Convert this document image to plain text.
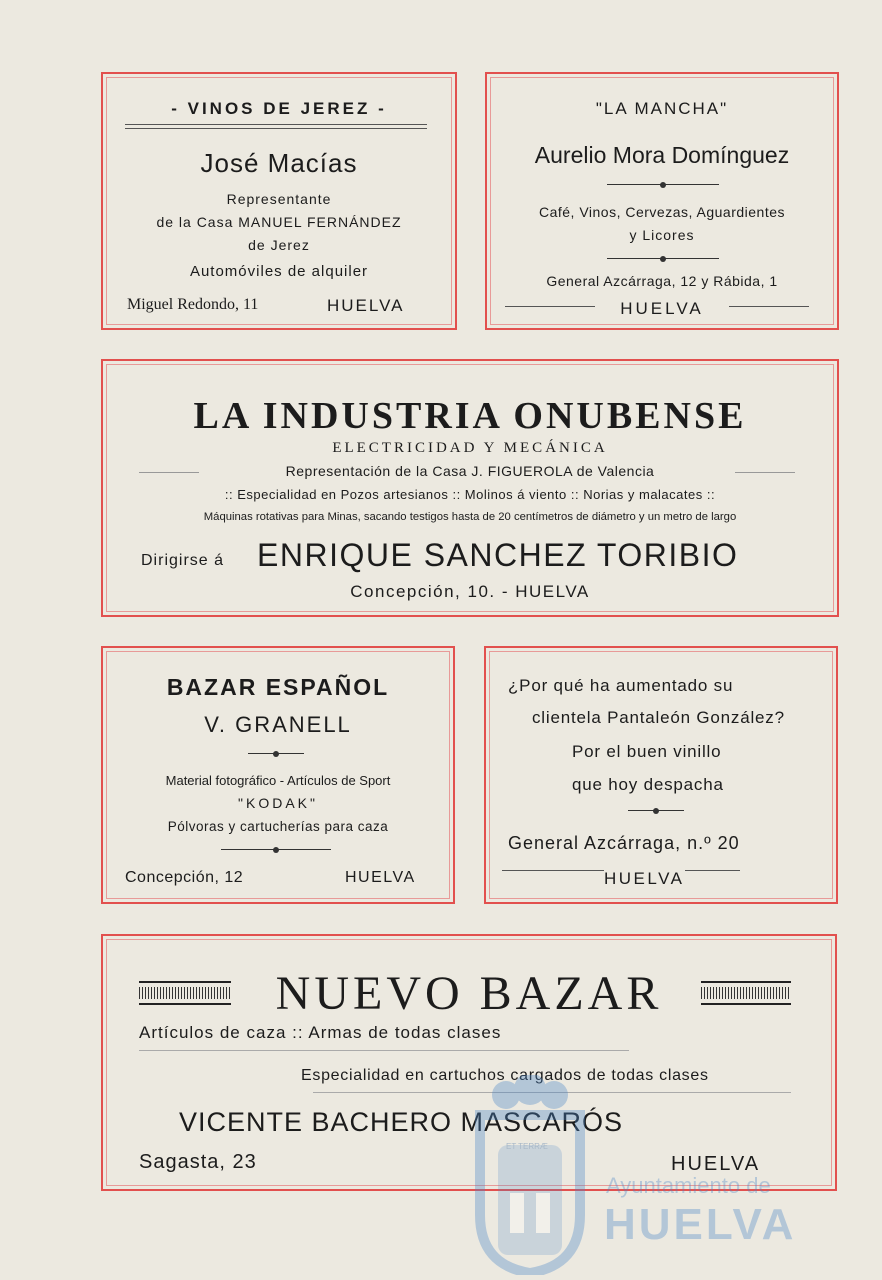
- VINOS DE JEREZ -
José Macías
Representante
de la Casa MANUEL FERNÁNDEZ
de Jerez
Automóviles de alquiler
Miguel Redondo, 11	HUELVA
"LA MANCHA"
Aurelio Mora Domínguez
Café, Vinos, Cervezas, Aguardientes
y Licores
General Azcárraga, 12 y Rábida, 1
HUELVA
LA INDUSTRIA ONUBENSE
ELECTRICIDAD Y MECÁNICA
Representación de la Casa J. FIGUEROLA de Valencia
:: Especialidad en Pozos artesianos :: Molinos á viento :: Norias y malacates ::
Máquinas rotativas para Minas, sacando testigos hasta de 20 centímetros de diámetro y un metro de largo
Dirigirse á ENRIQUE SANCHEZ TORIBIO
Concepción, 10. - HUELVA
BAZAR ESPAÑOL
V. GRANELL
Material fotográfico - Artículos de Sport
"KODAK"
Pólvoras y cartucherías para caza
Concepción, 12	HUELVA
¿Por qué ha aumentado su
clientela Pantaleón González?
Por el buen vinillo
que hoy despacha
General Azcárraga, n.º 20
HUELVA
NUEVO BAZAR
Artículos de caza :: Armas de todas clases
Especialidad en cartuchos cargados de todas clases
VICENTE BACHERO MASCARÓS
Sagasta, 23	HUELVA
ET TERRÆ
Ayuntamiento de
HUELVA
